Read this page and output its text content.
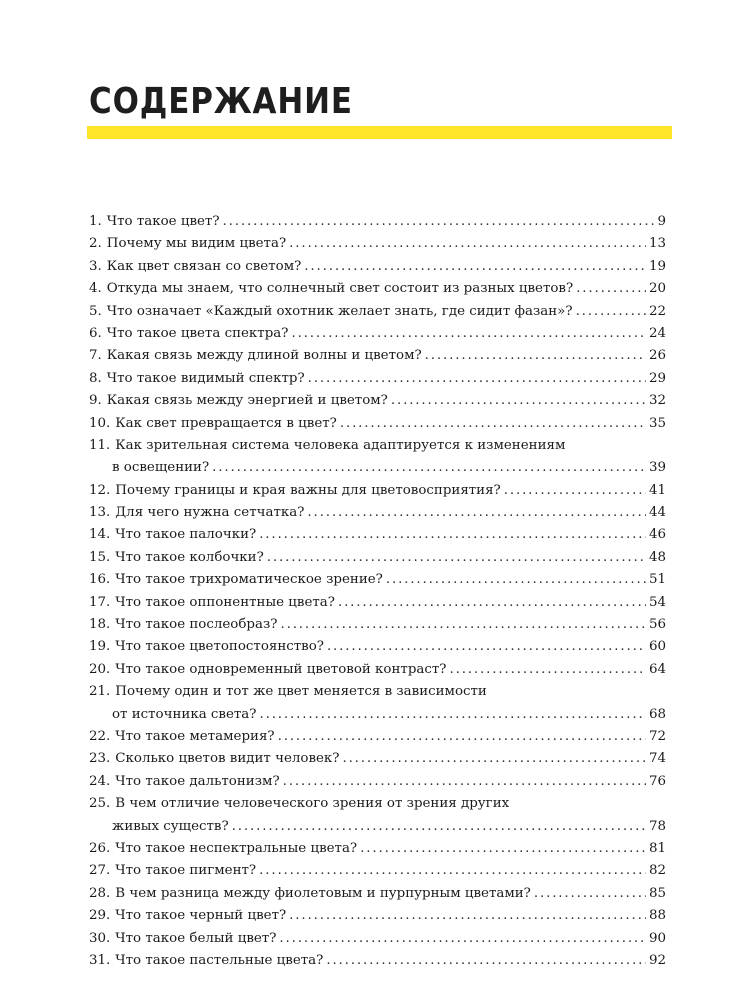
СОДЕРЖАНИЕ
1. Что такое цвет? . . .	9
2. Почему мы видим цвета? . . .	13
3. Как цвет связан со светом? . . .	19
4. Откуда мы знаем, что солнечный свет состоит из разных цветов? . . .	20
5. Что означает «Каждый охотник желает знать, где сидит фазан»? . . .	22
6. Что такое цвета спектра? . . .	24
7. Какая связь между длиной волны и цветом? . . .	26
8. Что такое видимый спектр? . . .	29
9. Какая связь между энергией и цветом? . . .	32
10. Как свет превращается в цвет? . . .	35
11. Как зрительная система человека адаптируется к изменениям
в освещении? . . .	39
12. Почему границы и края важны для цветовосприятия? . . .	41
13. Для чего нужна сетчатка? . . .	44
14. Что такое палочки? . . .	46
15. Что такое колбочки? . . .	48
16. Что такое трихроматическое зрение? . . .	51
17. Что такое оппонентные цвета? . . .	54
18. Что такое послеобраз? . . .	56
19. Что такое цветопостоянство? . . .	60
20. Что такое одновременный цветовой контраст? . . .	64
21. Почему один и тот же цвет меняется в зависимости
от источника света? . . .	68
22. Что такое метамерия? . . .	72
23. Сколько цветов видит человек? . . .	74
24. Что такое дальтонизм? . . .	76
25. В чем отличие человеческого зрения от зрения других
живых существ? . . .	78
26. Что такое неспектральные цвета? . . .	81
27. Что такое пигмент? . . .	82
28. В чем разница между фиолетовым и пурпурным цветами? . . .	85
29. Что такое черный цвет? . . .	88
30. Что такое белый цвет? . . .	90
31. Что такое пастельные цвета? . . .	92
